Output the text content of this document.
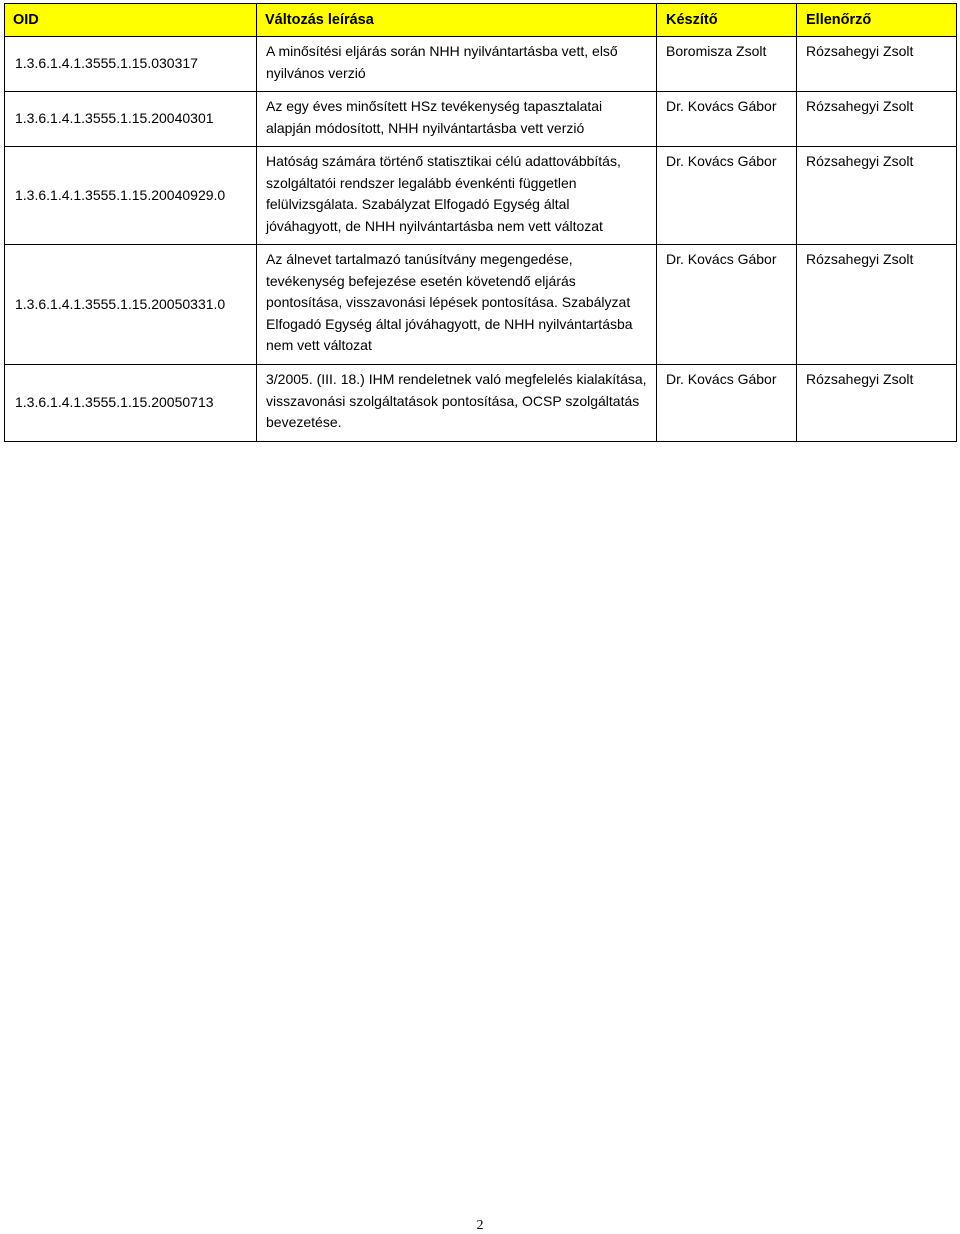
OID	Változás leírása	Készítő	Ellenőrző
1.3.6.1.4.1.3555.1.15.030317	A minősítési eljárás során NHH nyilvántartásba vett, első nyilvános verzió	Boromisza Zsolt	Rózsahegyi Zsolt
1.3.6.1.4.1.3555.1.15.20040301	Az egy éves minősített HSz tevékenység tapasztalatai alapján módosított, NHH nyilvántartásba vett verzió	Dr. Kovács Gábor	Rózsahegyi Zsolt
1.3.6.1.4.1.3555.1.15.20040929.0	Hatóság számára történő statisztikai célú adattovábbítás, szolgáltatói rendszer legalább évenkénti független felülvizsgálata. Szabályzat Elfogadó Egység által jóváhagyott, de NHH nyilvántartásba nem vett változat	Dr. Kovács Gábor	Rózsahegyi Zsolt
1.3.6.1.4.1.3555.1.15.20050331.0	Az álnevet tartalmazó tanúsítvány megengedése, tevékenység befejezése esetén követendő eljárás pontosítása, visszavonási lépések pontosítása. Szabályzat Elfogadó Egység által jóváhagyott, de NHH nyilvántartásba nem vett változat	Dr. Kovács Gábor	Rózsahegyi Zsolt
1.3.6.1.4.1.3555.1.15.20050713	3/2005. (III. 18.) IHM rendeletnek való megfelelés kialakítása, visszavonási szolgáltatások pontosítása, OCSP szolgáltatás bevezetése.	Dr. Kovács Gábor	Rózsahegyi Zsolt
2
